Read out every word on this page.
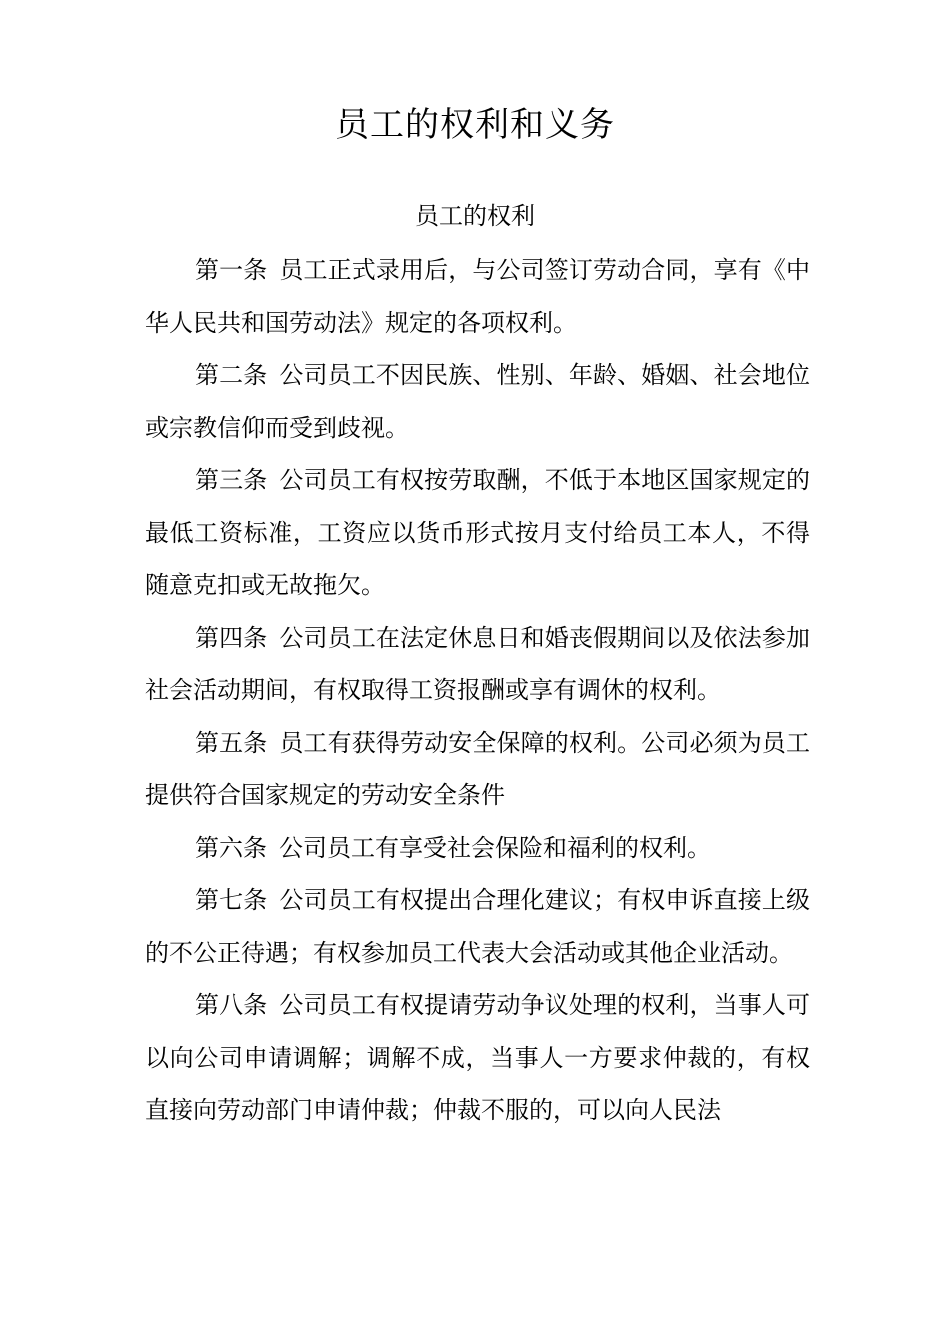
员工的权利和义务
员工的权利

第一条 员工正式录用后，与公司签订劳动合同，享有《中华人民共和国劳动法》规定的各项权利。

第二条 公司员工不因民族、性别、年龄、婚姻、社会地位或宗教信仰而受到歧视。

第三条 公司员工有权按劳取酬，不低于本地区国家规定的最低工资标准，工资应以货币形式按月支付给员工本人，不得随意克扣或无故拖欠。

第四条 公司员工在法定休息日和婚丧假期间以及依法参加社会活动期间，有权取得工资报酬或享有调休的权利。

第五条 员工有获得劳动安全保障的权利。公司必须为员工提供符合国家规定的劳动安全条件

第六条 公司员工有享受社会保险和福利的权利。

第七条 公司员工有权提出合理化建议；有权申诉直接上级的不公正待遇；有权参加员工代表大会活动或其他企业活动。

第八条 公司员工有权提请劳动争议处理的权利，当事人可以向公司申请调解；调解不成，当事人一方要求仲裁的，有权直接向劳动部门申请仲裁；仲裁不服的，可以向人民法
